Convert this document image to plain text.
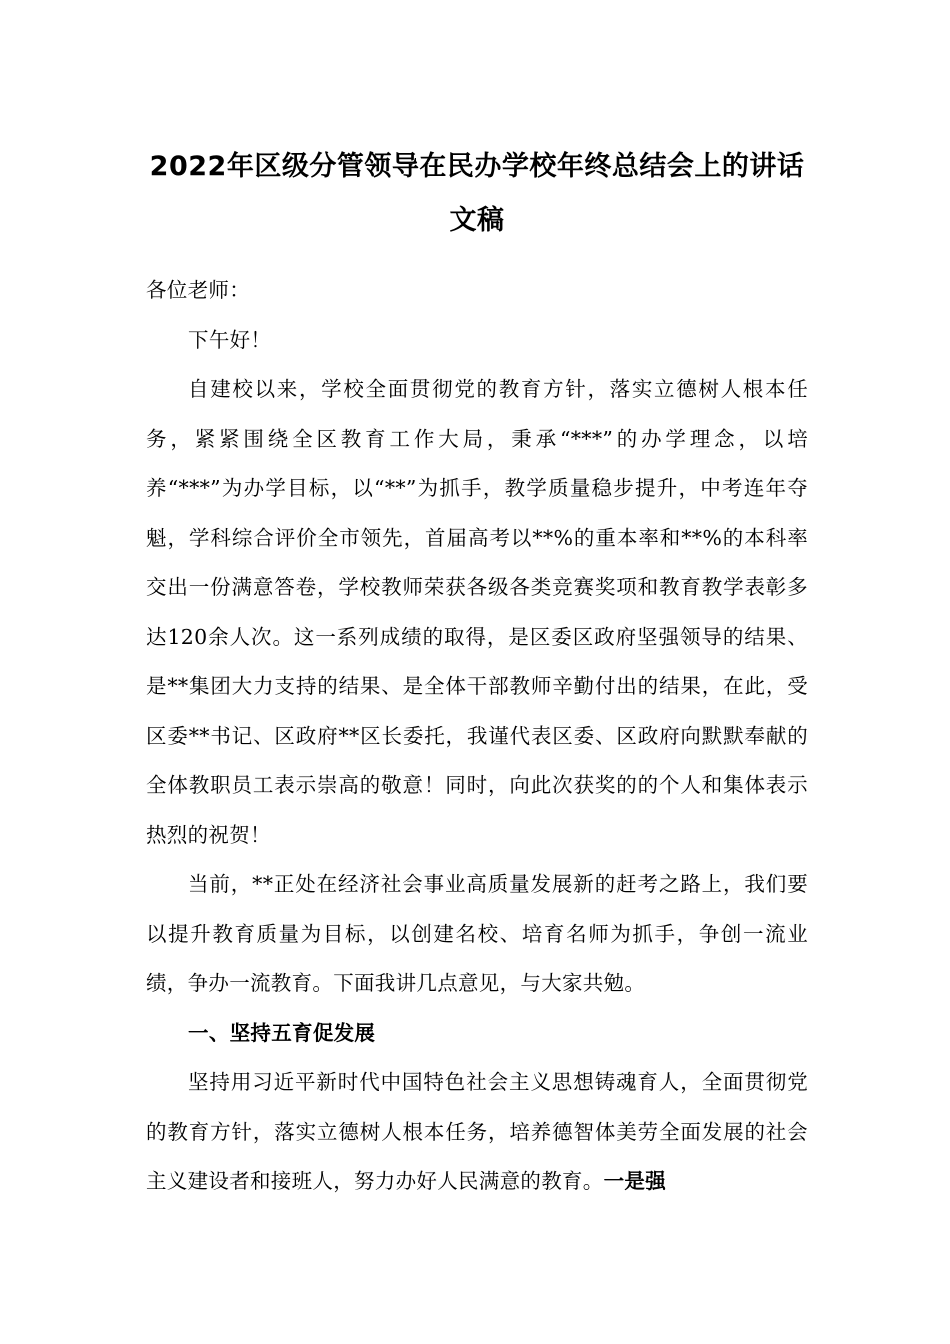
2022年区级分管领导在民办学校年终总结会上的讲话文稿

各位老师：

下午好！

自建校以来，学校全面贯彻党的教育方针，落实立德树人根本任务，紧紧围绕全区教育工作大局，秉承“***”的办学理念，以培养“***”为办学目标，以“**”为抓手，教学质量稳步提升，中考连年夺魁，学科综合评价全市领先，首届高考以**%的重本率和**%的本科率交出一份满意答卷，学校教师荣获各级各类竞赛奖项和教育教学表彰多达120余人次。这一系列成绩的取得，是区委区政府坚强领导的结果、是**集团大力支持的结果、是全体干部教师辛勤付出的结果，在此，受区委**书记、区政府**区长委托，我谨代表区委、区政府向默默奉献的全体教职员工表示崇高的敬意！同时，向此次获奖的的个人和集体表示热烈的祝贺！

当前，**正处在经济社会事业高质量发展新的赶考之路上，我们要以提升教育质量为目标，以创建名校、培育名师为抓手，争创一流业绩，争办一流教育。下面我讲几点意见，与大家共勉。

一、坚持五育促发展

坚持用习近平新时代中国特色社会主义思想铸魂育人，全面贯彻党的教育方针，落实立德树人根本任务，培养德智体美劳全面发展的社会主义建设者和接班人，努力办好人民满意的教育。一是强
